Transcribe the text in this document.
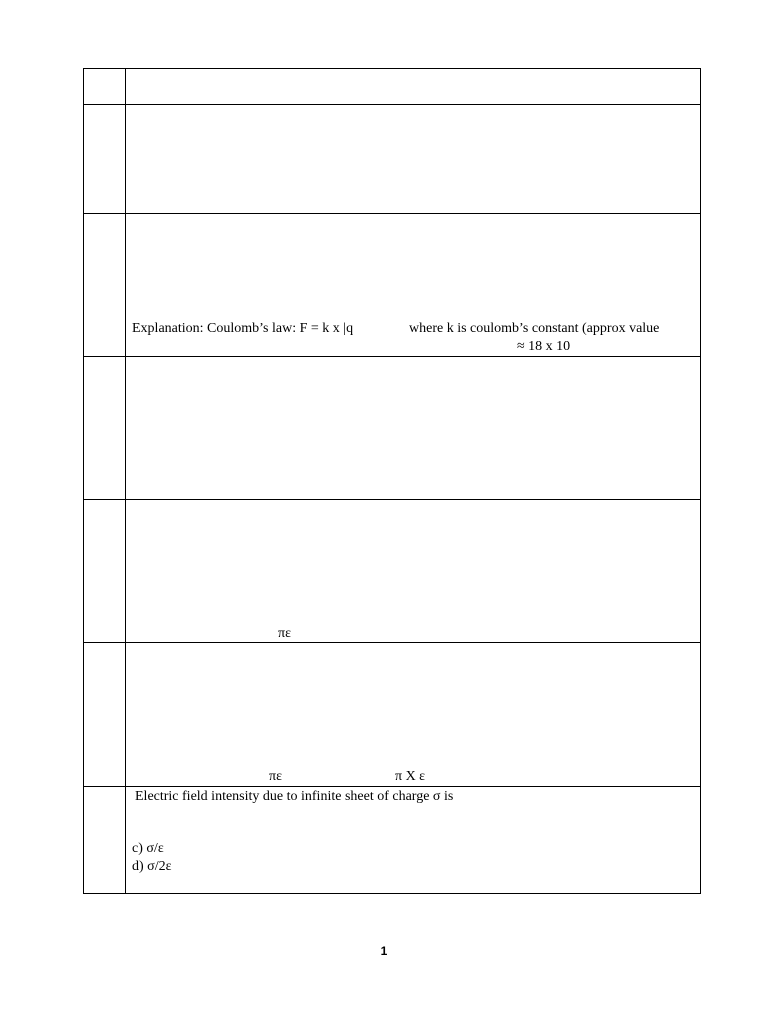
Explanation: Coulomb’s law: F = k x |q	where k is coulomb’s constant (approx value
≈ 18 x 10
πε
πε	π X ε
Electric field intensity due to infinite sheet of charge σ is
c) σ/ε
d) σ/2ε
1
